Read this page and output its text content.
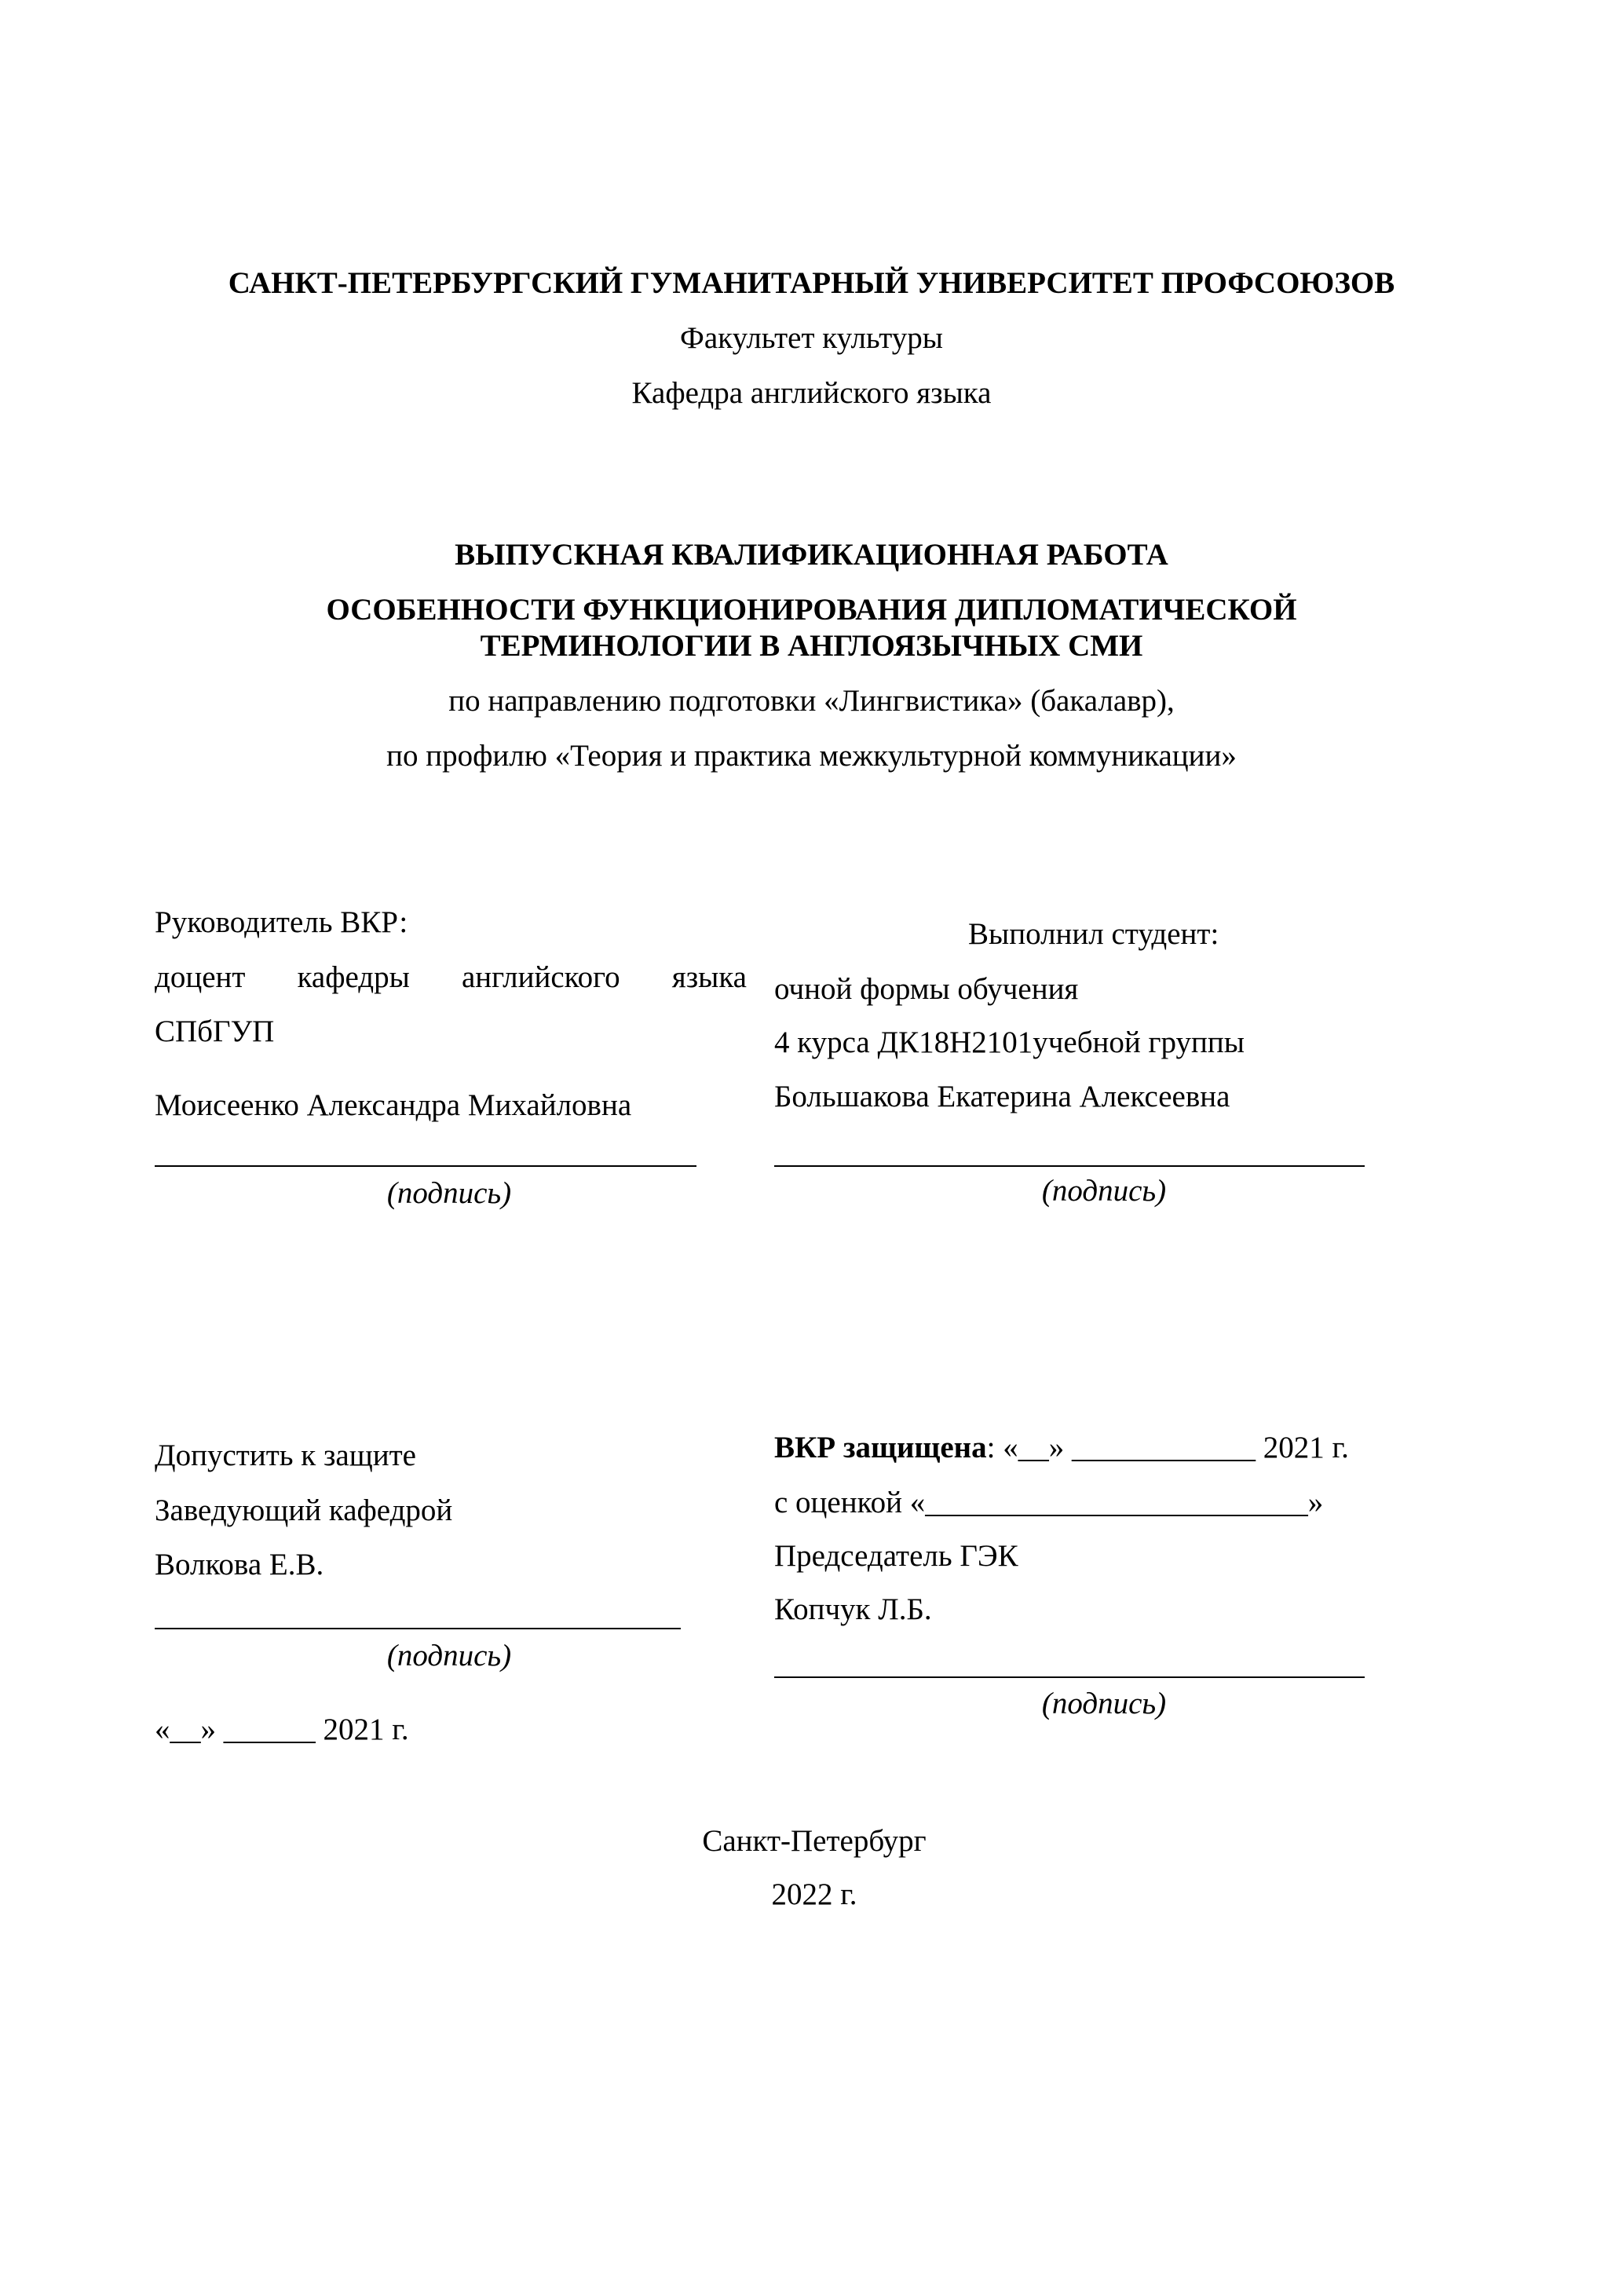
САНКТ-ПЕТЕРБУРГСКИЙ ГУМАНИТАРНЫЙ УНИВЕРСИТЕТ ПРОФСОЮЗОВ
Факультет культуры
Кафедра английского языка
ВЫПУСКНАЯ КВАЛИФИКАЦИОННАЯ РАБОТА
ОСОБЕННОСТИ ФУНКЦИОНИРОВАНИЯ ДИПЛОМАТИЧЕСКОЙ
ТЕРМИНОЛОГИИ В АНГЛОЯЗЫЧНЫХ СМИ
по направлению подготовки «Лингвистика» (бакалавр),
по профилю «Теория и практика межкультурной коммуникации»
Руководитель ВКР:
доцент кафедры английского языка
СПбГУП
Моисеенко Александра Михайловна
(подпись)
Выполнил студент:
очной формы обучения
4 курса ДК18Н2101учебной группы
Большакова Екатерина Алексеевна
(подпись)
Допустить к защите
Заведующий кафедрой
Волкова Е.В.
(подпись)
«__» ______ 2021 г.
ВКР защищена: «__» ____________ 2021 г.
с оценкой «_________________________»
Председатель ГЭК
Копчук Л.Б.
(подпись)
Санкт-Петербург
2022 г.
